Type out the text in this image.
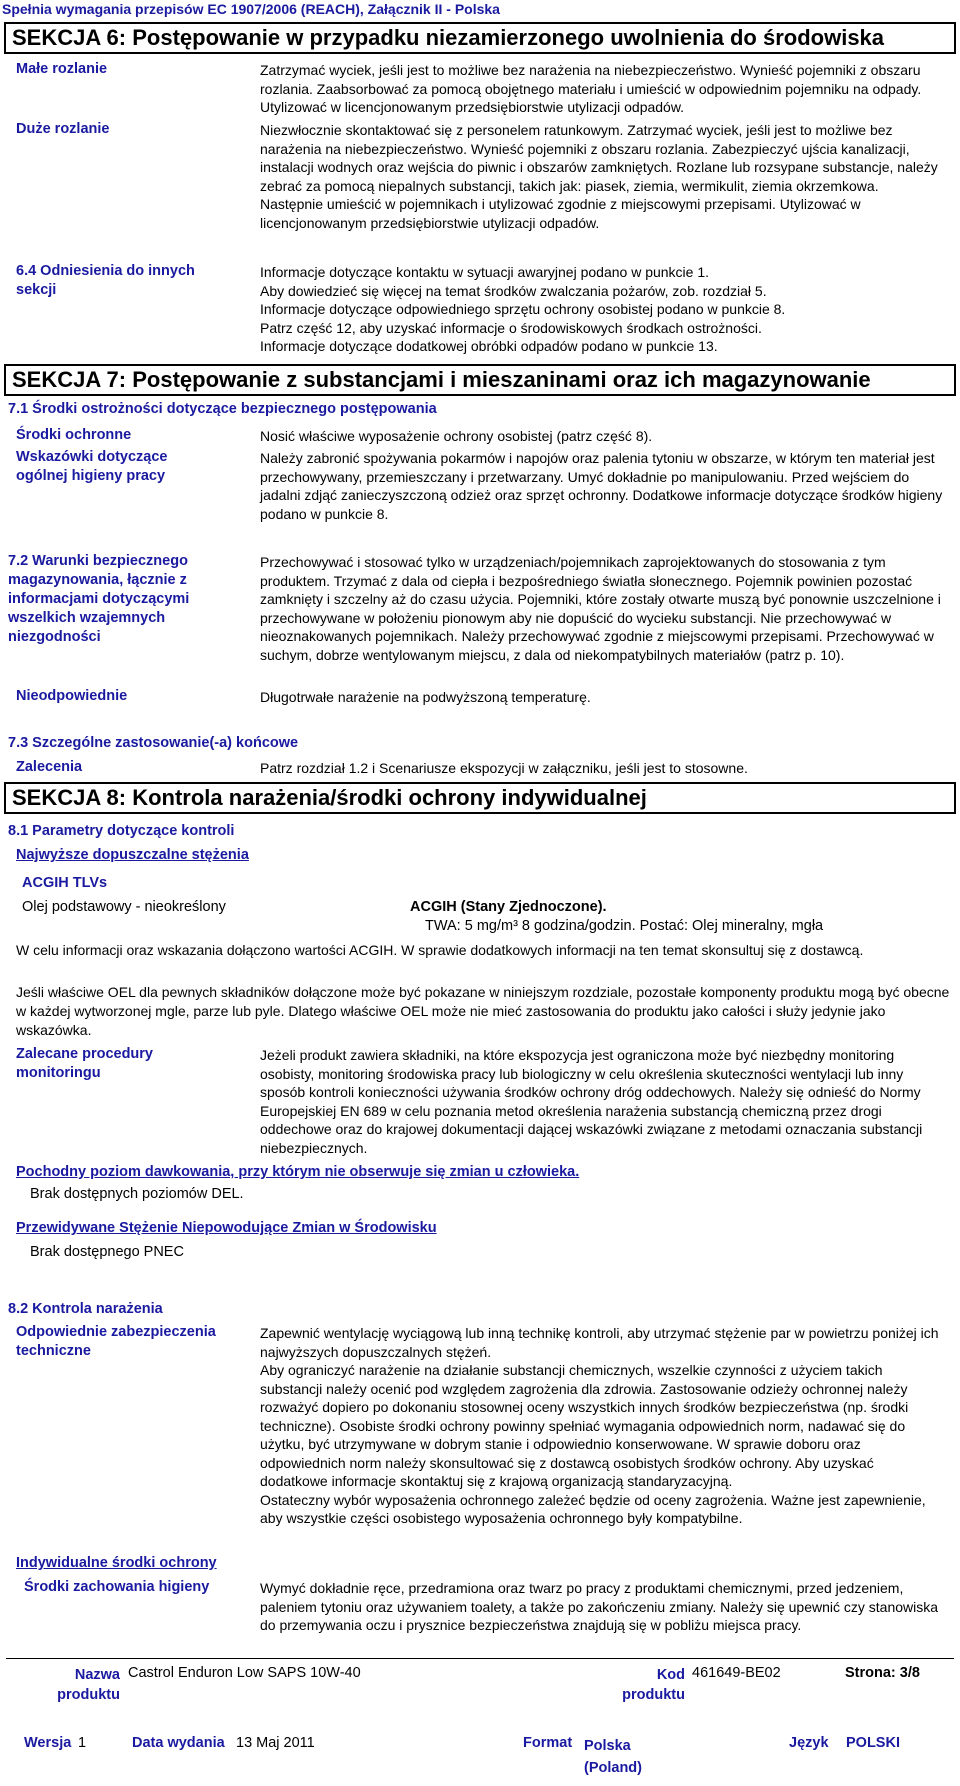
Spełnia wymagania przepisów EC 1907/2006 (REACH), Załącznik II - Polska
SEKCJA 6: Postępowanie w przypadku niezamierzonego uwolnienia do środowiska
Małe rozlanie	Zatrzymać wyciek, jeśli jest to możliwe bez narażenia na niebezpieczeństwo. Wynieść pojemniki z obszaru rozlania. Zaabsorbować za pomocą obojętnego materiału i umieścić w odpowiednim pojemniku na odpady. Utylizować w licencjonowanym przedsiębiorstwie utylizacji odpadów.
Duże rozlanie	Niezwłocznie skontaktować się z personelem ratunkowym. Zatrzymać wyciek, jeśli jest to możliwe bez narażenia na niebezpieczeństwo. Wynieść pojemniki z obszaru rozlania. Zabezpieczyć ujścia kanalizacji, instalacji wodnych oraz wejścia do piwnic i obszarów zamkniętych. Rozlane lub rozsypane substancje, należy zebrać za pomocą niepalnych substancji, takich jak: piasek, ziemia, wermikulit, ziemia okrzemkowa. Następnie umieścić w pojemnikach i utylizować zgodnie z miejscowymi przepisami. Utylizować w licencjonowanym przedsiębiorstwie utylizacji odpadów.
6.4 Odniesienia do innych sekcji
Informacje dotyczące kontaktu w sytuacji awaryjnej podano w punkcie 1.
Aby dowiedzieć się więcej na temat środków zwalczania pożarów, zob. rozdział 5.
Informacje dotyczące odpowiedniego sprzętu ochrony osobistej podano w punkcie 8.
Patrz część 12, aby uzyskać informacje o środowiskowych środkach ostrożności.
Informacje dotyczące dodatkowej obróbki odpadów podano w punkcie 13.
SEKCJA 7: Postępowanie z substancjami i mieszaninami oraz ich magazynowanie
7.1 Środki ostrożności dotyczące bezpiecznego postępowania
Środki ochronne	Nosić właściwe wyposażenie ochrony osobistej (patrz część 8).
Wskazówki dotyczące ogólnej higieny pracy
Należy zabronić spożywania pokarmów i napojów oraz palenia tytoniu w obszarze, w którym ten materiał jest przechowywany, przemieszczany i przetwarzany. Umyć dokładnie po manipulowaniu. Przed wejściem do jadalni zdjąć zanieczyszczoną odzież oraz sprzęt ochronny. Dodatkowe informacje dotyczące środków higieny podano w punkcie 8.
7.2 Warunki bezpiecznego magazynowania, łącznie z informacjami dotyczącymi wszelkich wzajemnych niezgodności
Przechowywać i stosować tylko w urządzeniach/pojemnikach zaprojektowanych do stosowania z tym produktem. Trzymać z dala od ciepła i bezpośredniego światła słonecznego. Pojemnik powinien pozostać zamknięty i szczelny aż do czasu użycia. Pojemniki, które zostały otwarte muszą być ponownie uszczelnione i przechowywane w położeniu pionowym aby nie dopuścić do wycieku substancji. Nie przechowywać w nieoznakowanych pojemnikach. Należy przechowywać zgodnie z miejscowymi przepisami. Przechowywać w suchym, dobrze wentylowanym miejscu, z dala od niekompatybilnych materiałów (patrz p. 10).
Nieodpowiednie	Długotrwałe narażenie na podwyższoną temperaturę.
7.3 Szczególne zastosowanie(-a) końcowe
Zalecenia	Patrz rozdział 1.2 i Scenariusze ekspozycji w załączniku, jeśli jest to stosowne.
SEKCJA 8: Kontrola narażenia/środki ochrony indywidualnej
8.1 Parametry dotyczące kontroli
Najwyższe dopuszczalne stężenia
ACGIH TLVs
Olej podstawowy - nieokreślony	ACGIH (Stany Zjednoczone).
TWA: 5 mg/m³ 8 godzina/godzin. Postać: Olej mineralny, mgła
W celu informacji oraz wskazania dołączono wartości ACGIH. W sprawie dodatkowych informacji na ten temat skonsultuj się z dostawcą.
Jeśli właściwe OEL dla pewnych składników dołączone może być pokazane w niniejszym rozdziale, pozostałe komponenty produktu mogą być obecne w każdej wytworzonej mgle, parze lub pyle. Dlatego właściwe OEL może nie mieć zastosowania do produktu jako całości i służy jedynie jako wskazówka.
Zalecane procedury monitoringu
Jeżeli produkt zawiera składniki, na które ekspozycja jest ograniczona może być niezbędny monitoring osobisty, monitoring środowiska pracy lub biologiczny w celu określenia skuteczności wentylacji lub inny sposób kontroli konieczności używania środków ochrony dróg oddechowych. Należy się odnieść do Normy Europejskiej EN 689 w celu poznania metod określenia narażenia substancją chemiczną przez drogi oddechowe oraz do krajowej dokumentacji dającej wskazówki związane z metodami oznaczania substancji niebezpiecznych.
Pochodny poziom dawkowania, przy którym nie obserwuje się zmian u człowieka.
Brak dostępnych poziomów DEL.
Przewidywane Stężenie Niepowodujące Zmian w Środowisku
Brak dostępnego PNEC
8.2 Kontrola narażenia
Odpowiednie zabezpieczenia techniczne
Zapewnić wentylację wyciągową lub inną technikę kontroli, aby utrzymać stężenie par w powietrzu poniżej ich najwyższych dopuszczalnych stężeń.
Aby ograniczyć narażenie na działanie substancji chemicznych, wszelkie czynności z użyciem takich substancji należy ocenić pod względem zagrożenia dla zdrowia. Zastosowanie odzieży ochronnej należy rozważyć dopiero po dokonaniu stosownej oceny wszystkich innych środków bezpieczeństwa (np. środki techniczne). Osobiste środki ochrony powinny spełniać wymagania odpowiednich norm, nadawać się do użytku, być utrzymywane w dobrym stanie i odpowiednio konserwowane. W sprawie doboru oraz odpowiednich norm należy skonsultować się z dostawcą osobistych środków ochrony. Aby uzyskać dodatkowe informacje skontaktuj się z krajową organizacją standaryzacyjną.
Ostateczny wybór wyposażenia ochronnego zależeć będzie od oceny zagrożenia. Ważne jest zapewnienie, aby wszystkie części osobistego wyposażenia ochronnego były kompatybilne.
Indywidualne środki ochrony
Środki zachowania higieny	Wymyć dokładnie ręce, przedramiona oraz twarz po pracy z produktami chemicznymi, przed jedzeniem, paleniem tytoniu oraz używaniem toalety, a także po zakończeniu zmiany. Należy się upewnić czy stanowiska do przemywania oczu i prysznice bezpieczeństwa znajdują się w pobliżu miejsca pracy.
Nazwa produktu
Castrol Enduron Low SAPS 10W-40	Kod produktu
461649-BE02	Strona: 3/8
Wersja 1	Data wydania 13 Maj 2011	Format Polska (Poland)
Język POLSKI
